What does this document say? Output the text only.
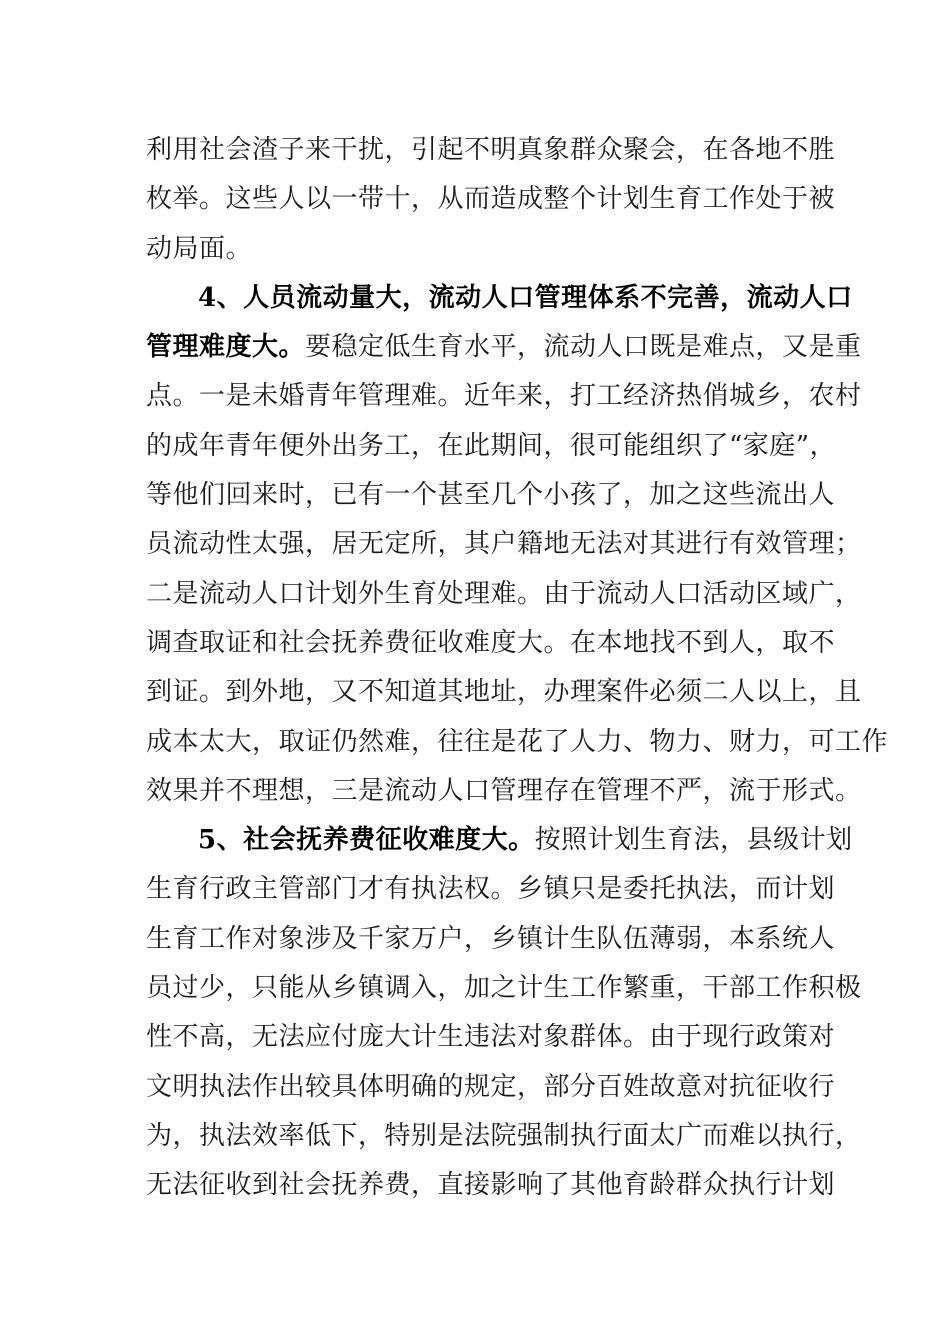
利用社会渣子来干扰，引起不明真象群众聚会，在各地不胜
枚举。这些人以一带十，从而造成整个计划生育工作处于被
动局面。
4、人员流动量大，流动人口管理体系不完善，流动人口
管理难度大。要稳定低生育水平，流动人口既是难点，又是重
点。一是未婚青年管理难。近年来，打工经济热俏城乡，农村
的成年青年便外出务工，在此期间，很可能组织了“家庭”，
等他们回来时，已有一个甚至几个小孩了，加之这些流出人
员流动性太强，居无定所，其户籍地无法对其进行有效管理；
二是流动人口计划外生育处理难。由于流动人口活动区域广，
调查取证和社会抚养费征收难度大。在本地找不到人，取不
到证。到外地，又不知道其地址，办理案件必须二人以上，且
成本太大，取证仍然难，往往是花了人力、物力、财力，可工作
效果并不理想，三是流动人口管理存在管理不严，流于形式。
5、社会抚养费征收难度大。按照计划生育法，县级计划
生育行政主管部门才有执法权。乡镇只是委托执法，而计划
生育工作对象涉及千家万户，乡镇计生队伍薄弱，本系统人
员过少，只能从乡镇调入，加之计生工作繁重，干部工作积极
性不高，无法应付庞大计生违法对象群体。由于现行政策对
文明执法作出较具体明确的规定，部分百姓故意对抗征收行
为，执法效率低下，特别是法院强制执行面太广而难以执行，
无法征收到社会抚养费，直接影响了其他育龄群众执行计划
